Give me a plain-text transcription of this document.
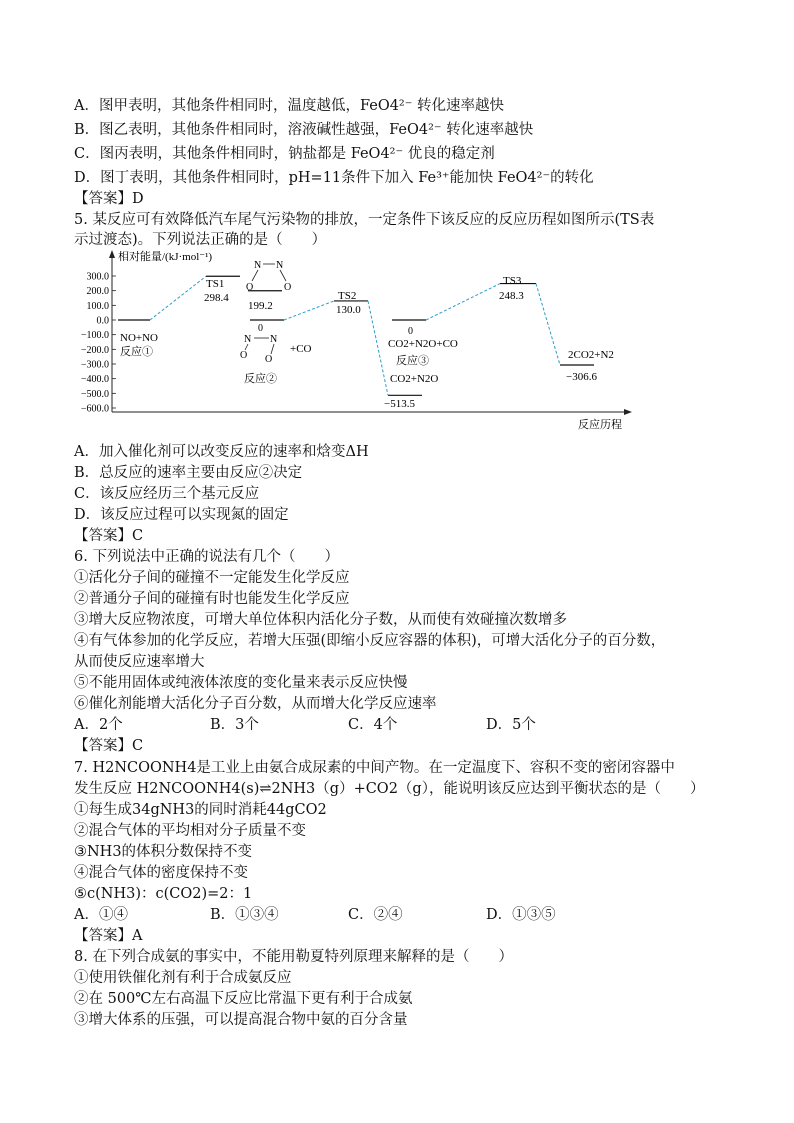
A．图甲表明，其他条件相同时，温度越低，FeO4²⁻ 转化速率越快
B．图乙表明，其他条件相同时，溶液碱性越强，FeO4²⁻ 转化速率越快
C．图丙表明，其他条件相同时，钠盐都是 FeO4²⁻ 优良的稳定剂
D．图丁表明，其他条件相同时，pH=11条件下加入 Fe³⁺能加快 FeO4²⁻的转化
【答案】D
5. 某反应可有效降低汽车尾气污染物的排放，一定条件下该反应的反应历程如图所示(TS表
示过渡态)。下列说法正确的是（　　）
相对能量/(kJ·mol⁻¹)
反应历程
300.0
200.0
100.0
0.0
−100.0
−200.0
−300.0
−400.0
−500.0
−600.0
TS1
298.4
199.2
TS2
130.0
TS3
248.3
NO+NO
反应①
N N
O	O
0
N N
O O
+CO
反应②
0
CO2+N2O+CO
反应③
CO2+N2O
−513.5
2CO2+N2
−306.6
A．加入催化剂可以改变反应的速率和焓变ΔH
B．总反应的速率主要由反应②决定
C．该反应经历三个基元反应
D．该反应过程可以实现氮的固定
【答案】C
6. 下列说法中正确的说法有几个（　　）
①活化分子间的碰撞不一定能发生化学反应
②普通分子间的碰撞有时也能发生化学反应
③增大反应物浓度，可增大单位体积内活化分子数，从而使有效碰撞次数增多
④有气体参加的化学反应，若增大压强(即缩小反应容器的体积)，可增大活化分子的百分数，
从而使反应速率增大
⑤不能用固体或纯液体浓度的变化量来表示反应快慢
⑥催化剂能增大活化分子百分数，从而增大化学反应速率
A．2个	B．3个	C．4个	D．5个
【答案】C
7. H2NCOONH4是工业上由氨合成尿素的中间产物。在一定温度下、容积不变的密闭容器中
发生反应 H2NCOONH4(s)⇌2NH3（g）+CO2（g），能说明该反应达到平衡状态的是（　　）
①每生成34gNH3的同时消耗44gCO2
②混合气体的平均相对分子质量不变
③NH3的体积分数保持不变
④混合气体的密度保持不变
⑤c(NH3)：c(CO2)=2：1
A．①④	B．①③④	C．②④	D．①③⑤
【答案】A
8. 在下列合成氨的事实中，不能用勒夏特列原理来解释的是（　　）
①使用铁催化剂有利于合成氨反应
②在 500℃左右高温下反应比常温下更有利于合成氨
③增大体系的压强，可以提高混合物中氨的百分含量
